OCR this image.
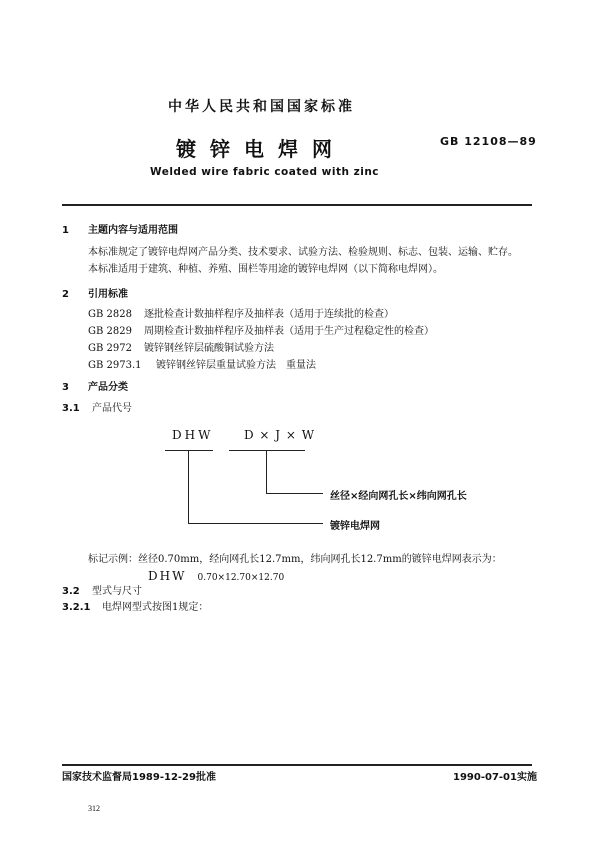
中华人民共和国国家标准
镀锌电焊网	GB 12108—89
Welded wire fabric coated with zinc
1 主题内容与适用范围
本标准规定了镀锌电焊网产品分类、技术要求、试验方法、检验规则、标志、包装、运输、贮存。
本标准适用于建筑、种植、养殖、围栏等用途的镀锌电焊网（以下简称电焊网）。
2 引用标准
GB 2828 逐批检查计数抽样程序及抽样表（适用于连续批的检查）
GB 2829 周期检查计数抽样程序及抽样表（适用于生产过程稳定性的检查）
GB 2972 镀锌钢丝锌层硫酸铜试验方法
GB 2973.1 镀锌钢丝锌层重量试验方法　重量法
3 产品分类
3.1 产品代号
DHW	D × J × W
丝径×经向网孔长×纬向网孔长
镀锌电焊网
标记示例：丝径0.70mm，经向网孔长12.7mm，纬向网孔长12.7mm的镀锌电焊网表示为：
DHW 0.70×12.70×12.70
3.2 型式与尺寸
3.2.1 电焊网型式按图1规定：
国家技术监督局1989-12-29批准	1990-07-01实施
312
